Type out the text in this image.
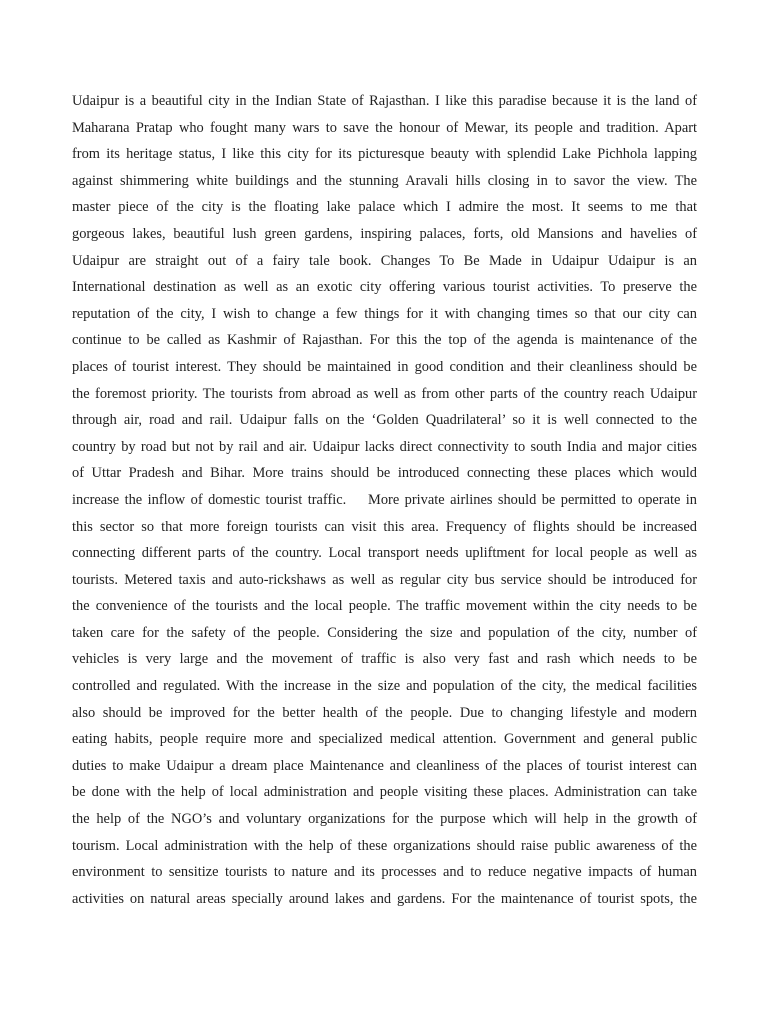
Udaipur is a beautiful city in the Indian State of Rajasthan. I like this paradise because it is the land of
Maharana Pratap who fought many wars to save the honour of Mewar, its people and tradition. Apart
from its heritage status, I like this city for its picturesque beauty with splendid Lake Pichhola lapping
against shimmering white buildings and the stunning Aravali hills closing in to savor the view. The
master piece of the city is the floating lake palace which I admire the most. It seems to me that
gorgeous lakes, beautiful lush green gardens, inspiring palaces, forts, old Mansions and havelies of
Udaipur are straight out of a fairy tale book. Changes To Be Made in Udaipur Udaipur is an
International destination as well as an exotic city offering various tourist activities. To preserve the
reputation of the city, I wish to change a few things for it with changing times so that our city can
continue to be called as Kashmir of Rajasthan. For this the top of the agenda is maintenance of the
places of tourist interest. They should be maintained in good condition and their cleanliness should be
the foremost priority. The tourists from abroad as well as from other parts of the country reach Udaipur
through air, road and rail. Udaipur falls on the ‘Golden Quadrilateral’ so it is well connected to the
country by road but not by rail and air. Udaipur lacks direct connectivity to south India and major cities
of Uttar Pradesh and Bihar. More trains should be introduced connecting these places which would
increase the inflow of domestic tourist traffic.    More private airlines should be permitted to operate in
this sector so that more foreign tourists can visit this area. Frequency of flights should be increased
connecting different parts of the country. Local transport needs upliftment for local people as well as
tourists. Metered taxis and auto-rickshaws as well as regular city bus service should be introduced for
the convenience of the tourists and the local people. The traffic movement within the city needs to be
taken care for the safety of the people. Considering the size and population of the city, number of
vehicles is very large and the movement of traffic is also very fast and rash which needs to be
controlled and regulated. With the increase in the size and population of the city, the medical facilities
also should be improved for the better health of the people. Due to changing lifestyle and modern
eating habits, people require more and specialized medical attention. Government and general public
duties to make Udaipur a dream place Maintenance and cleanliness of the places of tourist interest can
be done with the help of local administration and people visiting these places. Administration can take
the help of the NGO’s and voluntary organizations for the purpose which will help in the growth of
tourism. Local administration with the help of these organizations should raise public awareness of the
environment to sensitize tourists to nature and its processes and to reduce negative impacts of human
activities on natural areas specially around lakes and gardens. For the maintenance of tourist spots, the
